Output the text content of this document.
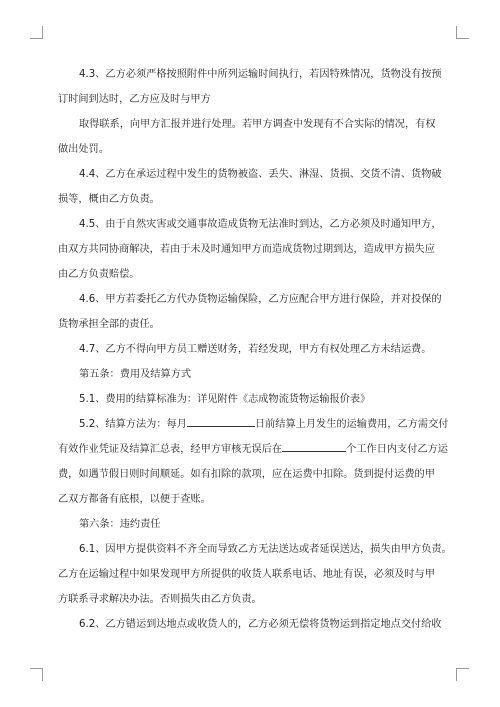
4.3、乙方必须严格按照附件中所列运输时间执行，若因特殊情况，货物没有按预
订时间到达时，乙方应及时与甲方

取得联系，向甲方汇报并进行处理。若甲方调查中发现有不合实际的情况，有权
做出处罚。

4.4、乙方在承运过程中发生的货物被盗、丢失、淋湿、货损、交货不清、货物破
损等，概由乙方负责。

4.5、由于自然灾害或交通事故造成货物无法准时到达，乙方必须及时通知甲方，
由双方共同协商解决，若由于未及时通知甲方而造成货物过期到达，造成甲方损失应
由乙方负责赔偿。

4.6、甲方若委托乙方代办货物运输保险，乙方应配合甲方进行保险，并对投保的
货物承担全部的责任。

4.7、乙方不得向甲方员工赠送财务，若经发现，甲方有权处理乙方未结运费。

第五条：费用及结算方式

5.1、费用的结算标准为：详见附件《志成物流货物运输报价表》

5.2、结算方法为：每月	日前结算上月发生的运输费用，乙方需交付
有效作业凭证及结算汇总表，经甲方审核无误后在	个工作日内支付乙方运
费，如遇节假日则时间顺延。如有扣除的款项，应在运费中扣除。货到提付运费的甲
乙双方都备有底根，以便于查账。

第六条：违约责任

6.1、因甲方提供资料不齐全而导致乙方无法送达或者延误送达，损失由甲方负责。
乙方在运输过程中如果发现甲方所提供的收货人联系电话、地址有误，必须及时与甲
方联系寻求解决办法。否则损失由乙方负责。

6.2、乙方错运到达地点或收货人的，乙方必须无偿将货物运到指定地点交付给收
